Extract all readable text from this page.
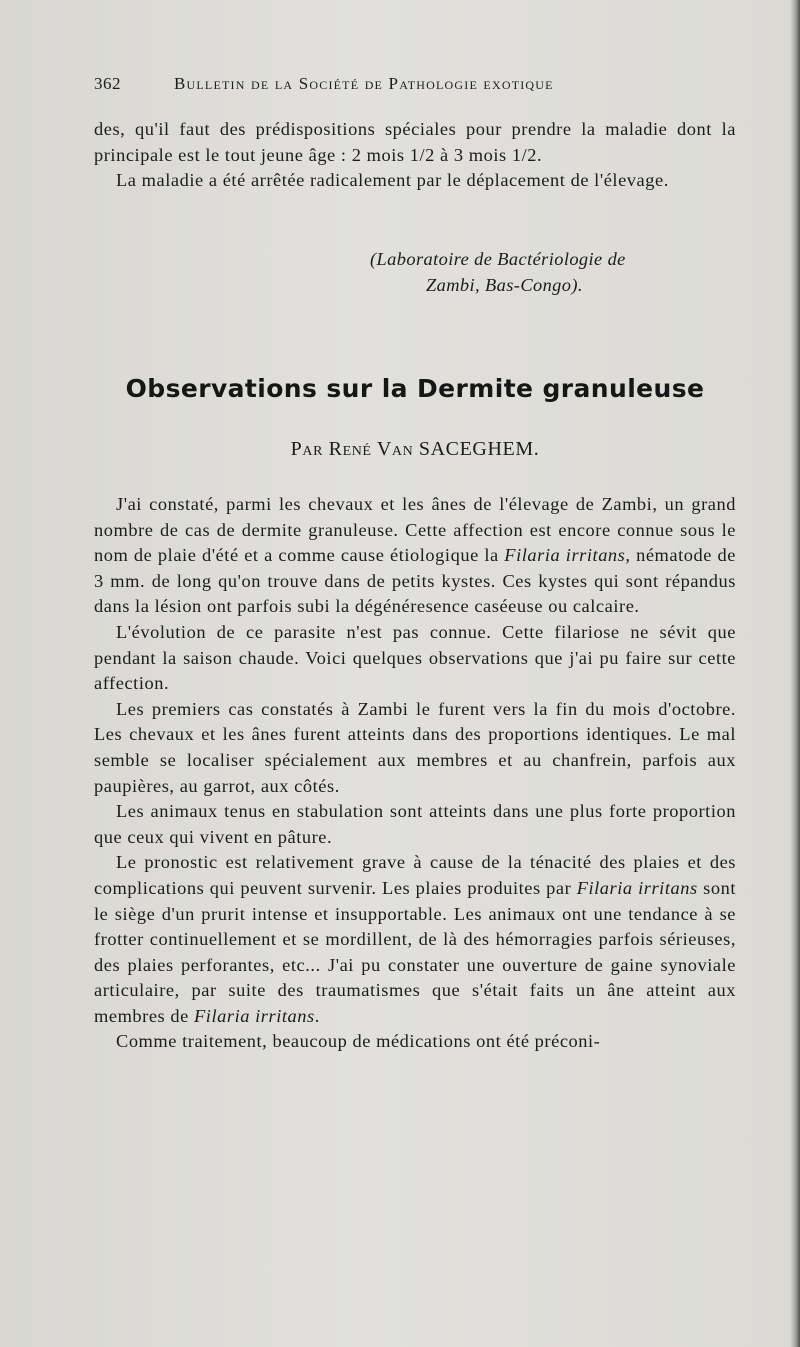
362	Bulletin de la Société de Pathologie exotique

des, qu'il faut des prédispositions spéciales pour prendre la maladie dont la principale est le tout jeune âge : 2 mois 1/2 à 3 mois 1/2.

La maladie a été arrêtée radicalement par le déplacement de l'élevage.

(Laboratoire de Bactériologie de
Zambi, Bas-Congo).
Observations sur la Dermite granuleuse
Par René Van SACEGHEM.

J'ai constaté, parmi les chevaux et les ânes de l'élevage de Zambi, un grand nombre de cas de dermite granuleuse. Cette affection est encore connue sous le nom de plaie d'été et a comme cause étiologique la Filaria irritans, nématode de 3 mm. de long qu'on trouve dans de petits kystes. Ces kystes qui sont répandus dans la lésion ont parfois subi la dégénéresence caséeuse ou calcaire.

L'évolution de ce parasite n'est pas connue. Cette filariose ne sévit que pendant la saison chaude. Voici quelques observations que j'ai pu faire sur cette affection.

Les premiers cas constatés à Zambi le furent vers la fin du mois d'octobre. Les chevaux et les ânes furent atteints dans des proportions identiques. Le mal semble se localiser spécialement aux membres et au chanfrein, parfois aux paupières, au garrot, aux côtés.

Les animaux tenus en stabulation sont atteints dans une plus forte proportion que ceux qui vivent en pâture.

Le pronostic est relativement grave à cause de la ténacité des plaies et des complications qui peuvent survenir. Les plaies produites par Filaria irritans sont le siège d'un prurit intense et insupportable. Les animaux ont une tendance à se frotter continuellement et se mordillent, de là des hémorragies parfois sérieuses, des plaies perforantes, etc... J'ai pu constater une ouverture de gaine synoviale articulaire, par suite des traumatismes que s'était faits un âne atteint aux membres de Filaria irritans.

Comme traitement, beaucoup de médications ont été préconi-
